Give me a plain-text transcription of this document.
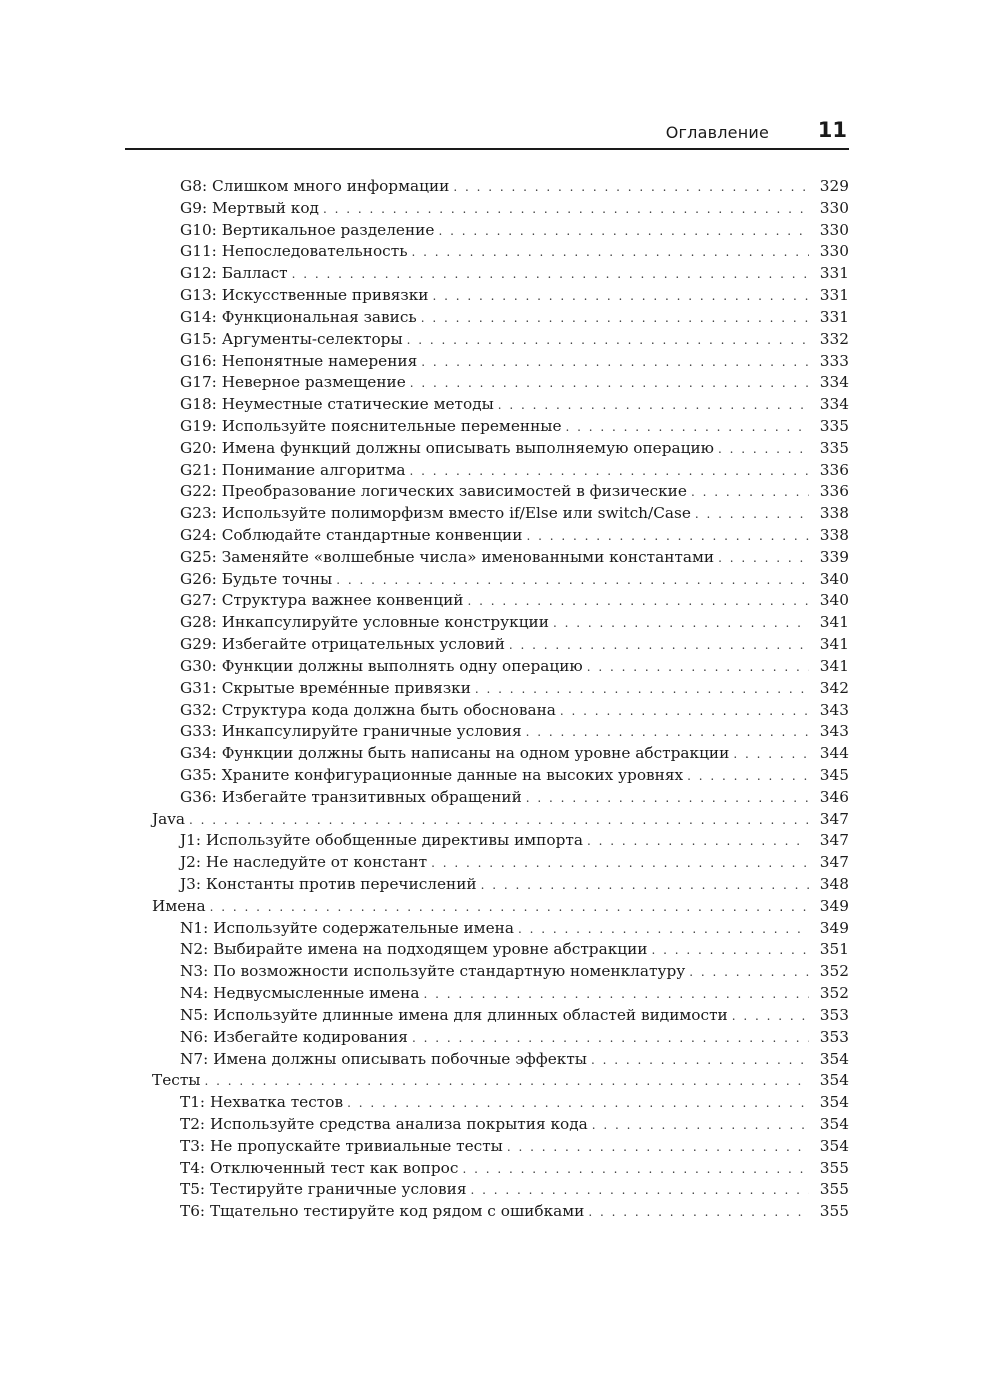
Оглавление 11
G8: Слишком много информации . . .	329
G9: Мертвый код . . .	330
G10: Вертикальное разделение . . .	330
G11: Непоследовательность . . .	330
G12: Балласт . . .	331
G13: Искусственные привязки . . .	331
G14: Функциональная завись . . .	331
G15: Аргументы-селекторы . . .	332
G16: Непонятные намерения . . .	333
G17: Неверное размещение . . .	334
G18: Неуместные статические методы . . .	334
G19: Используйте пояснительные переменные . . .	335
G20: Имена функций должны описывать выполняемую операцию . . .	335
G21: Понимание алгоритма . . .	336
G22: Преобразование логических зависимостей в физические . . .	336
G23: Используйте полиморфизм вместо if/Else или switch/Case . . .	338
G24: Соблюдайте стандартные конвенции . . .	338
G25: Заменяйте «волшебные числа» именованными константами . . .	339
G26: Будьте точны . . .	340
G27: Структура важнее конвенций . . .	340
G28: Инкапсулируйте условные конструкции . . .	341
G29: Избегайте отрицательных условий . . .	341
G30: Функции должны выполнять одну операцию . . .	341
G31: Скрытые времéнные привязки . . .	342
G32: Структура кода должна быть обоснована . . .	343
G33: Инкапсулируйте граничные условия . . .	343
G34: Функции должны быть написаны на одном уровне абстракции . . .	344
G35: Храните конфигурационные данные на высоких уровнях . . .	345
G36: Избегайте транзитивных обращений . . .	346
Java . . .	347
J1: Используйте обобщенные директивы импорта . . .	347
J2: Не наследуйте от констант . . .	347
J3: Константы против перечислений . . .	348
Имена . . .	349
N1: Используйте содержательные имена . . .	349
N2: Выбирайте имена на подходящем уровне абстракции . . .	351
N3: По возможности используйте стандартную номенклатуру . . .	352
N4: Недвусмысленные имена . . .	352
N5: Используйте длинные имена для длинных областей видимости . . .	353
N6: Избегайте кодирования . . .	353
N7: Имена должны описывать побочные эффекты . . .	354
Тесты . . .	354
T1: Нехватка тестов . . .	354
T2: Используйте средства анализа покрытия кода . . .	354
T3: Не пропускайте тривиальные тесты . . .	354
T4: Отключенный тест как вопрос . . .	355
T5: Тестируйте граничные условия . . .	355
T6: Тщательно тестируйте код рядом с ошибками . . .	355
